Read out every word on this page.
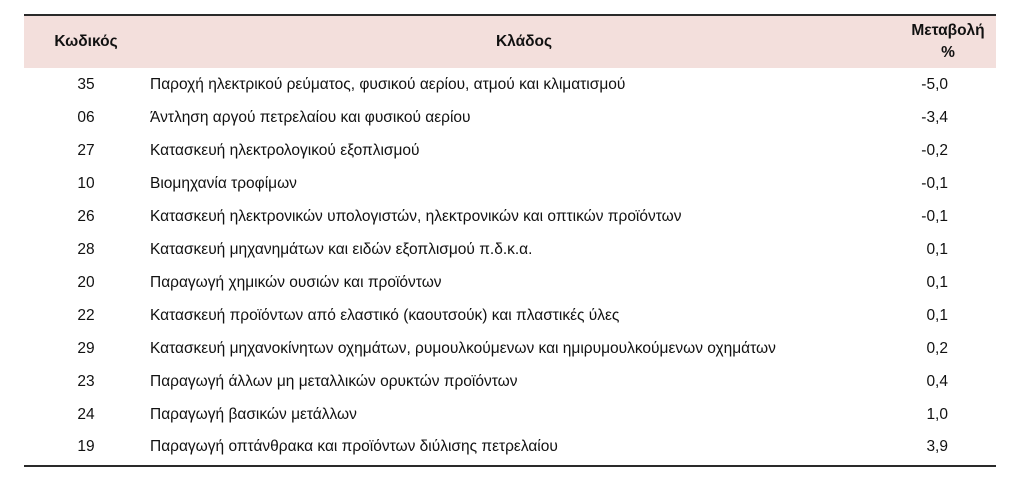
Κωδικός	Κλάδος	Μεταβολή
%
35	Παροχή ηλεκτρικού ρεύματος, φυσικού αερίου, ατμού και κλιματισμού	-5,0
06	Άντληση αργού πετρελαίου και φυσικού αερίου	-3,4
27	Κατασκευή ηλεκτρολογικού εξοπλισμού	-0,2
10	Βιομηχανία τροφίμων	-0,1
26	Κατασκευή ηλεκτρονικών υπολογιστών, ηλεκτρονικών και οπτικών προϊόντων	-0,1
28	Κατασκευή μηχανημάτων και ειδών εξοπλισμού π.δ.κ.α.	0,1
20	Παραγωγή χημικών ουσιών και προϊόντων	0,1
22	Κατασκευή προϊόντων από ελαστικό (καουτσούκ) και πλαστικές ύλες	0,1
29	Κατασκευή μηχανοκίνητων οχημάτων, ρυμουλκούμενων και ημιρυμουλκούμενων οχημάτων	0,2
23	Παραγωγή άλλων μη μεταλλικών ορυκτών προϊόντων	0,4
24	Παραγωγή βασικών μετάλλων	1,0
19	Παραγωγή οπτάνθρακα και προϊόντων διύλισης πετρελαίου	3,9
